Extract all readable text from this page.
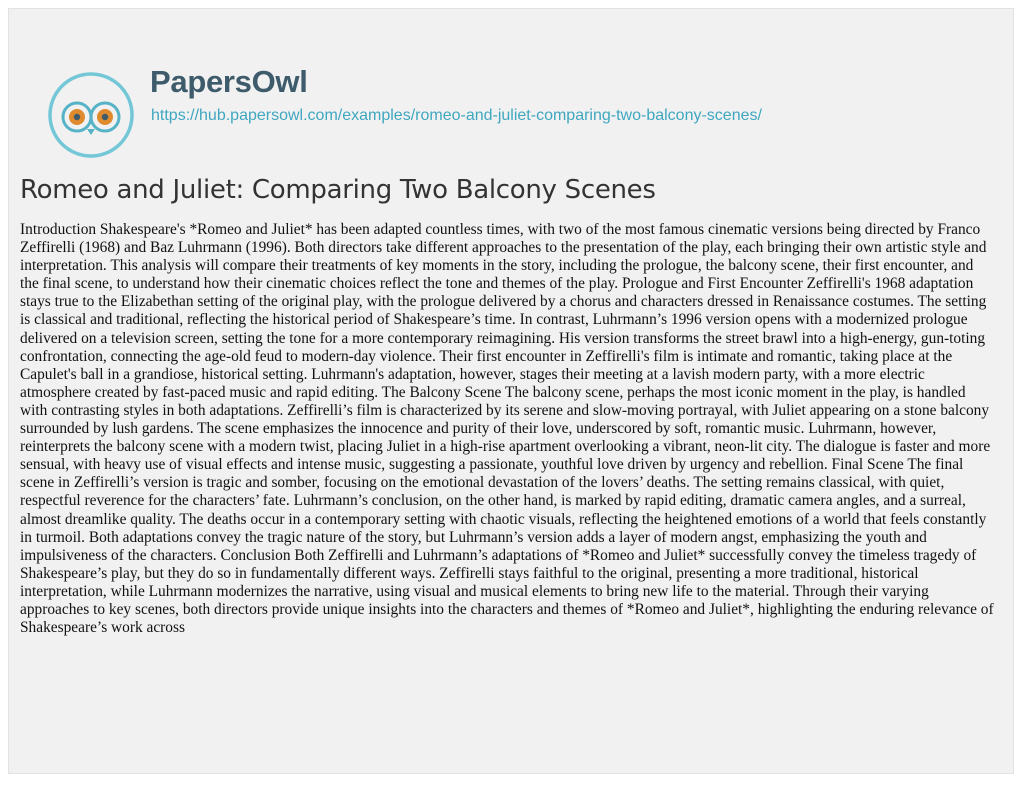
PapersOwl
https://hub.papersowl.com/examples/romeo-and-juliet-comparing-two-balcony-scenes/
Romeo and Juliet: Comparing Two Balcony Scenes

Introduction Shakespeare's *Romeo and Juliet* has been adapted countless times, with two of the most famous cinematic versions being directed by Franco Zeffirelli (1968) and Baz Luhrmann (1996). Both directors take different approaches to the presentation of the play, each bringing their own artistic style and interpretation. This analysis will compare their treatments of key moments in the story, including the prologue, the balcony scene, their first encounter, and the final scene, to understand how their cinematic choices reflect the tone and themes of the play. Prologue and First Encounter Zeffirelli's 1968 adaptation stays true to the Elizabethan setting of the original play, with the prologue delivered by a chorus and characters dressed in Renaissance costumes. The setting is classical and traditional, reflecting the historical period of Shakespeare’s time. In contrast, Luhrmann’s 1996 version opens with a modernized prologue delivered on a television screen, setting the tone for a more contemporary reimagining. His version transforms the street brawl into a high-energy, gun-toting confrontation, connecting the age-old feud to modern-day violence. Their first encounter in Zeffirelli's film is intimate and romantic, taking place at the Capulet's ball in a grandiose, historical setting. Luhrmann's adaptation, however, stages their meeting at a lavish modern party, with a more electric atmosphere created by fast-paced music and rapid editing. The Balcony Scene The balcony scene, perhaps the most iconic moment in the play, is handled with contrasting styles in both adaptations. Zeffirelli’s film is characterized by its serene and slow-moving portrayal, with Juliet appearing on a stone balcony surrounded by lush gardens. The scene emphasizes the innocence and purity of their love, underscored by soft, romantic music. Luhrmann, however, reinterprets the balcony scene with a modern twist, placing Juliet in a high-rise apartment overlooking a vibrant, neon-lit city. The dialogue is faster and more sensual, with heavy use of visual effects and intense music, suggesting a passionate, youthful love driven by urgency and rebellion. Final Scene The final scene in Zeffirelli’s version is tragic and somber, focusing on the emotional devastation of the lovers’ deaths. The setting remains classical, with quiet, respectful reverence for the characters’ fate. Luhrmann’s conclusion, on the other hand, is marked by rapid editing, dramatic camera angles, and a surreal, almost dreamlike quality. The deaths occur in a contemporary setting with chaotic visuals, reflecting the heightened emotions of a world that feels constantly in turmoil. Both adaptations convey the tragic nature of the story, but Luhrmann’s version adds a layer of modern angst, emphasizing the youth and impulsiveness of the characters. Conclusion Both Zeffirelli and Luhrmann’s adaptations of *Romeo and Juliet* successfully convey the timeless tragedy of Shakespeare’s play, but they do so in fundamentally different ways. Zeffirelli stays faithful to the original, presenting a more traditional, historical interpretation, while Luhrmann modernizes the narrative, using visual and musical elements to bring new life to the material. Through their varying approaches to key scenes, both directors provide unique insights into the characters and themes of *Romeo and Juliet*, highlighting the enduring relevance of Shakespeare’s work across
